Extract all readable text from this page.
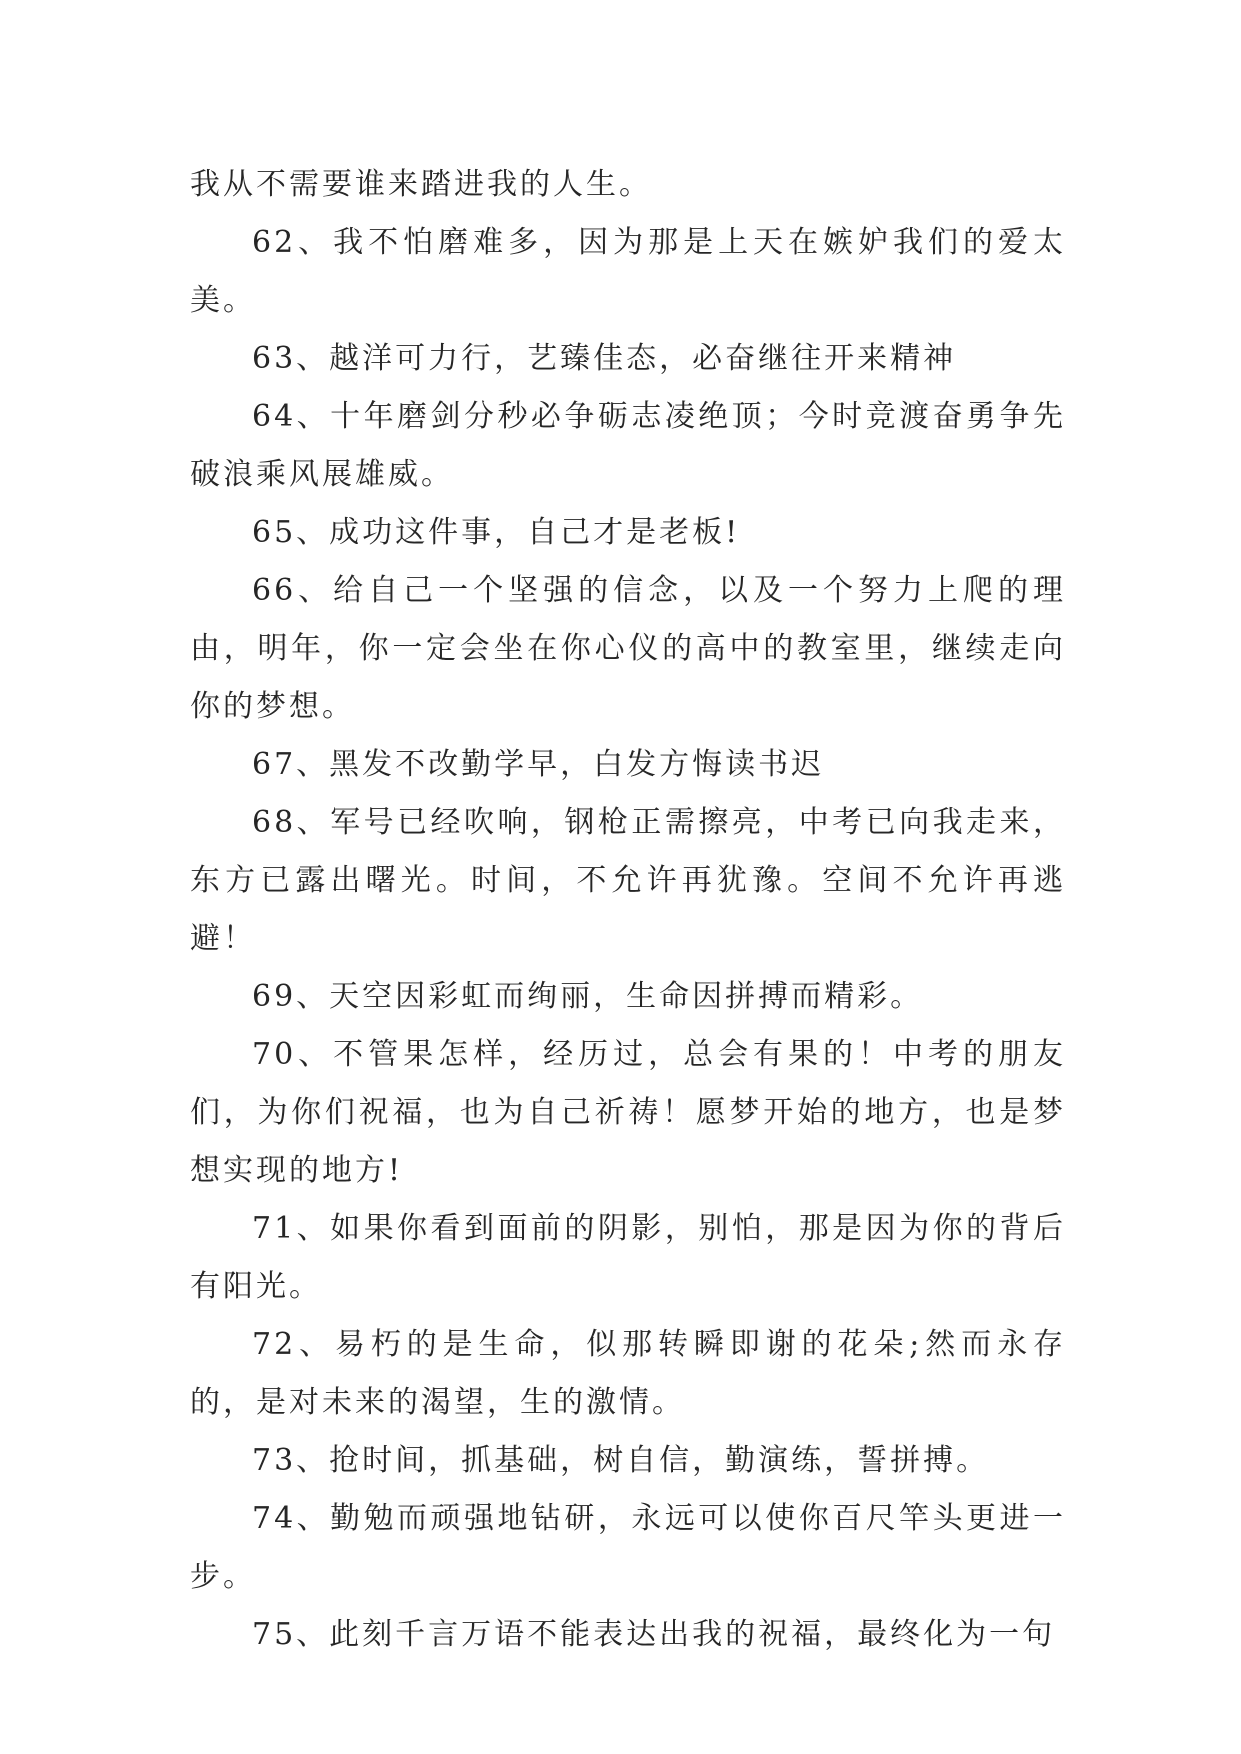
我从不需要谁来踏进我的人生。

62、我不怕磨难多，因为那是上天在嫉妒我们的爱太美。

63、越洋可力行，艺臻佳态，必奋继往开来精神

64、十年磨剑分秒必争砺志凌绝顶；今时竞渡奋勇争先破浪乘风展雄威。

65、成功这件事，自己才是老板!

66、给自己一个坚强的信念，以及一个努力上爬的理由，明年，你一定会坐在你心仪的高中的教室里，继续走向你的梦想。

67、黑发不改勤学早，白发方悔读书迟

68、军号已经吹响，钢枪正需擦亮，中考已向我走来，东方已露出曙光。时间，不允许再犹豫。空间不允许再逃避！

69、天空因彩虹而绚丽，生命因拼搏而精彩。

70、不管果怎样，经历过，总会有果的！中考的朋友们，为你们祝福，也为自己祈祷！愿梦开始的地方，也是梦想实现的地方!

71、如果你看到面前的阴影，别怕，那是因为你的背后有阳光。

72、易朽的是生命，似那转瞬即谢的花朵;然而永存的，是对未来的渴望，生的激情。

73、抢时间，抓基础，树自信，勤演练，誓拼搏。

74、勤勉而顽强地钻研，永远可以使你百尺竿头更进一步。

75、此刻千言万语不能表达出我的祝福，最终化为一句
